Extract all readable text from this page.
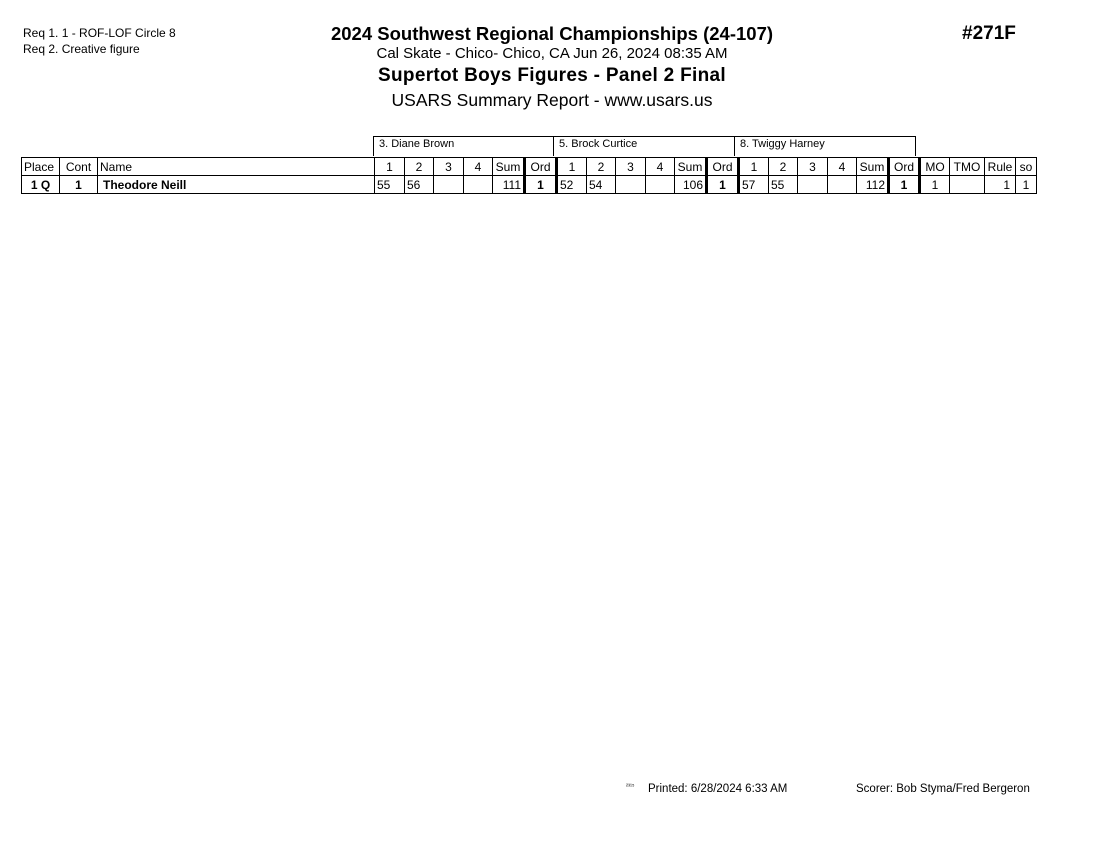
Req 1. 1 - ROF-LOF Circle 8
Req 2. Creative figure
2024 Southwest Regional Championships (24-107)
Cal Skate - Chico- Chico, CA Jun 26, 2024 08:35 AM
Supertot Boys Figures - Panel 2 Final
USARS Summary Report - www.usars.us
#271F
3. Diane Brown	5. Brock Curtice	8. Twiggy Harney
Place	Cont	Name	1	2	3	4	Sum	Ord	1	2	3	4	Sum	Ord	1	2	3	4	Sum	Ord	MO	TMO	Rule	so
1 Q	1	Theodore Neill	55	56			111	1	52	54			106	1	57	55			112	1	1		1	1
²³¹⁵ Printed: 6/28/2024 6:33 AM	Scorer: Bob Styma/Fred Bergeron
